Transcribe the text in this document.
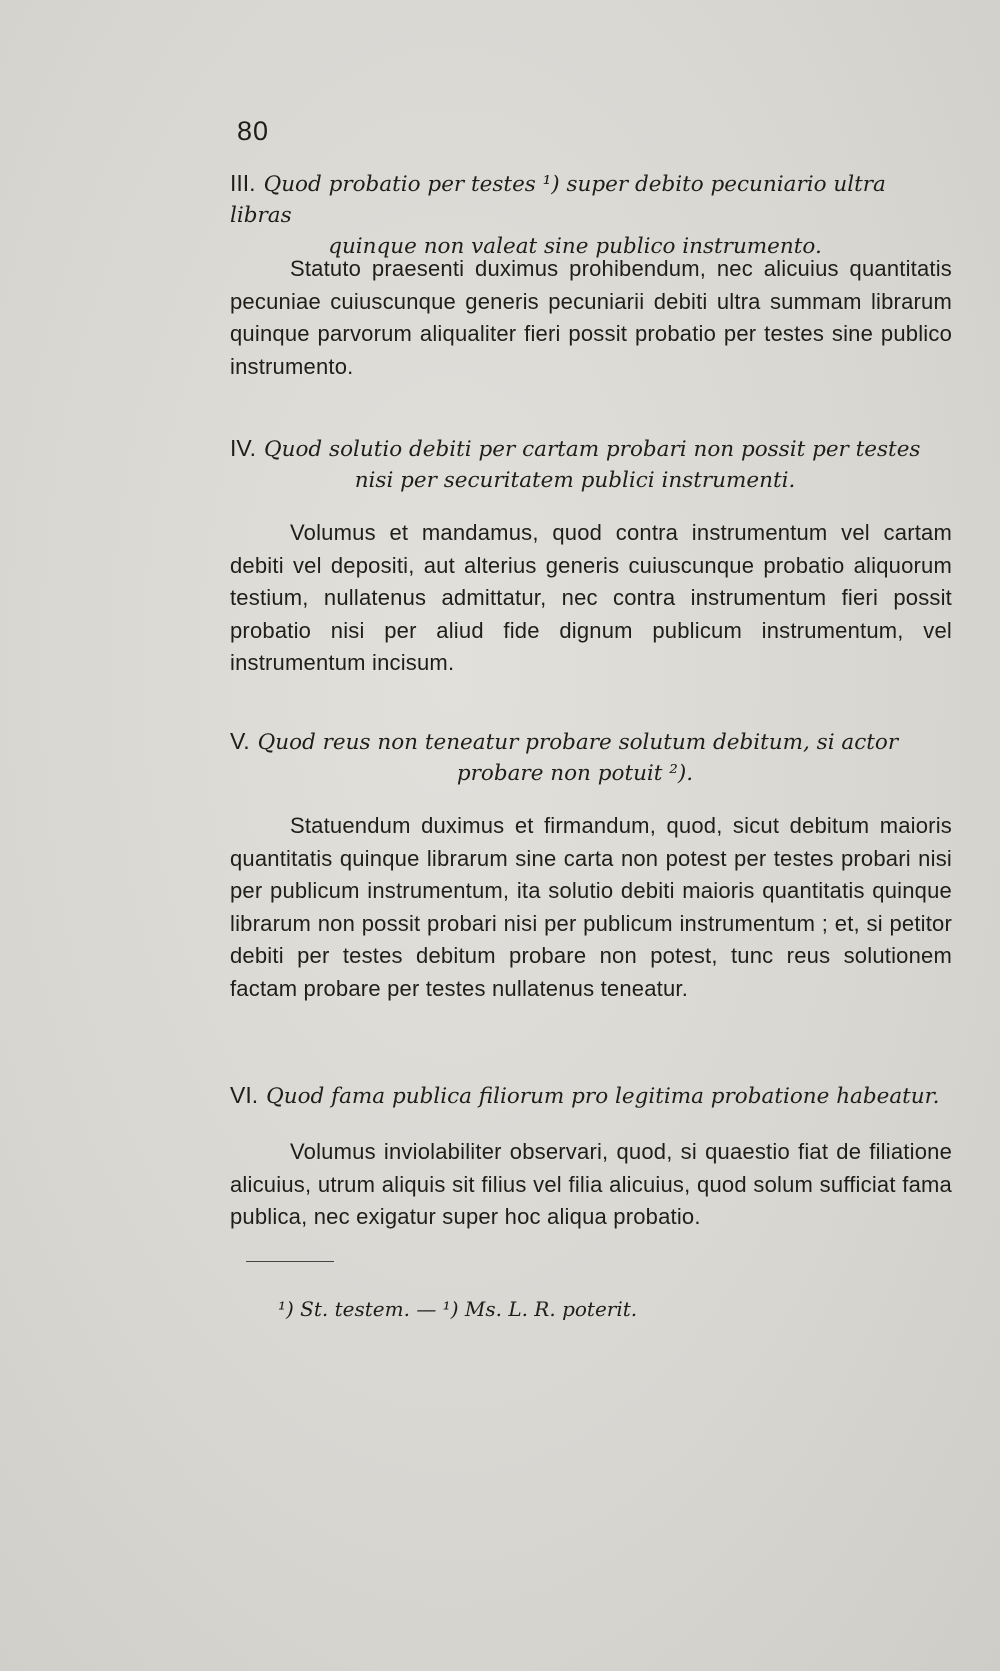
80
III. Quod probatio per testes ¹) super debito pecuniario ultra libras
quinque non valeat sine publico instrumento.
Statuto praesenti duximus prohibendum, nec alicuius quantitatis pecuniae cuiuscunque generis pecuniarii debiti ultra summam librarum quinque parvorum aliqualiter fieri possit probatio per testes sine publico instrumento.
IV. Quod solutio debiti per cartam probari non possit per testes
nisi per securitatem publici instrumenti.
Volumus et mandamus, quod contra instrumentum vel cartam debiti vel depositi, aut alterius generis cuiuscunque probatio aliquorum testium, nullatenus admittatur, nec contra instrumentum fieri possit probatio nisi per aliud fide dignum publicum instrumentum, vel instrumentum incisum.
V. Quod reus non teneatur probare solutum debitum, si actor
probare non potuit ²).
Statuendum duximus et firmandum, quod, sicut debitum maioris quantitatis quinque librarum sine carta non potest per testes probari nisi per publicum instrumentum, ita solutio debiti maioris quantitatis quinque librarum non possit probari nisi per publicum instrumentum ; et, si petitor debiti per testes debitum probare non potest, tunc reus solutionem factam probare per testes nullatenus teneatur.
VI. Quod fama publica filiorum pro legitima probatione habeatur.
Volumus inviolabiliter observari, quod, si quaestio fiat de filiatione alicuius, utrum aliquis sit filius vel filia alicuius, quod solum sufficiat fama publica, nec exigatur super hoc aliqua probatio.
¹) St. testem. — ¹) Ms. L. R. poterit.
